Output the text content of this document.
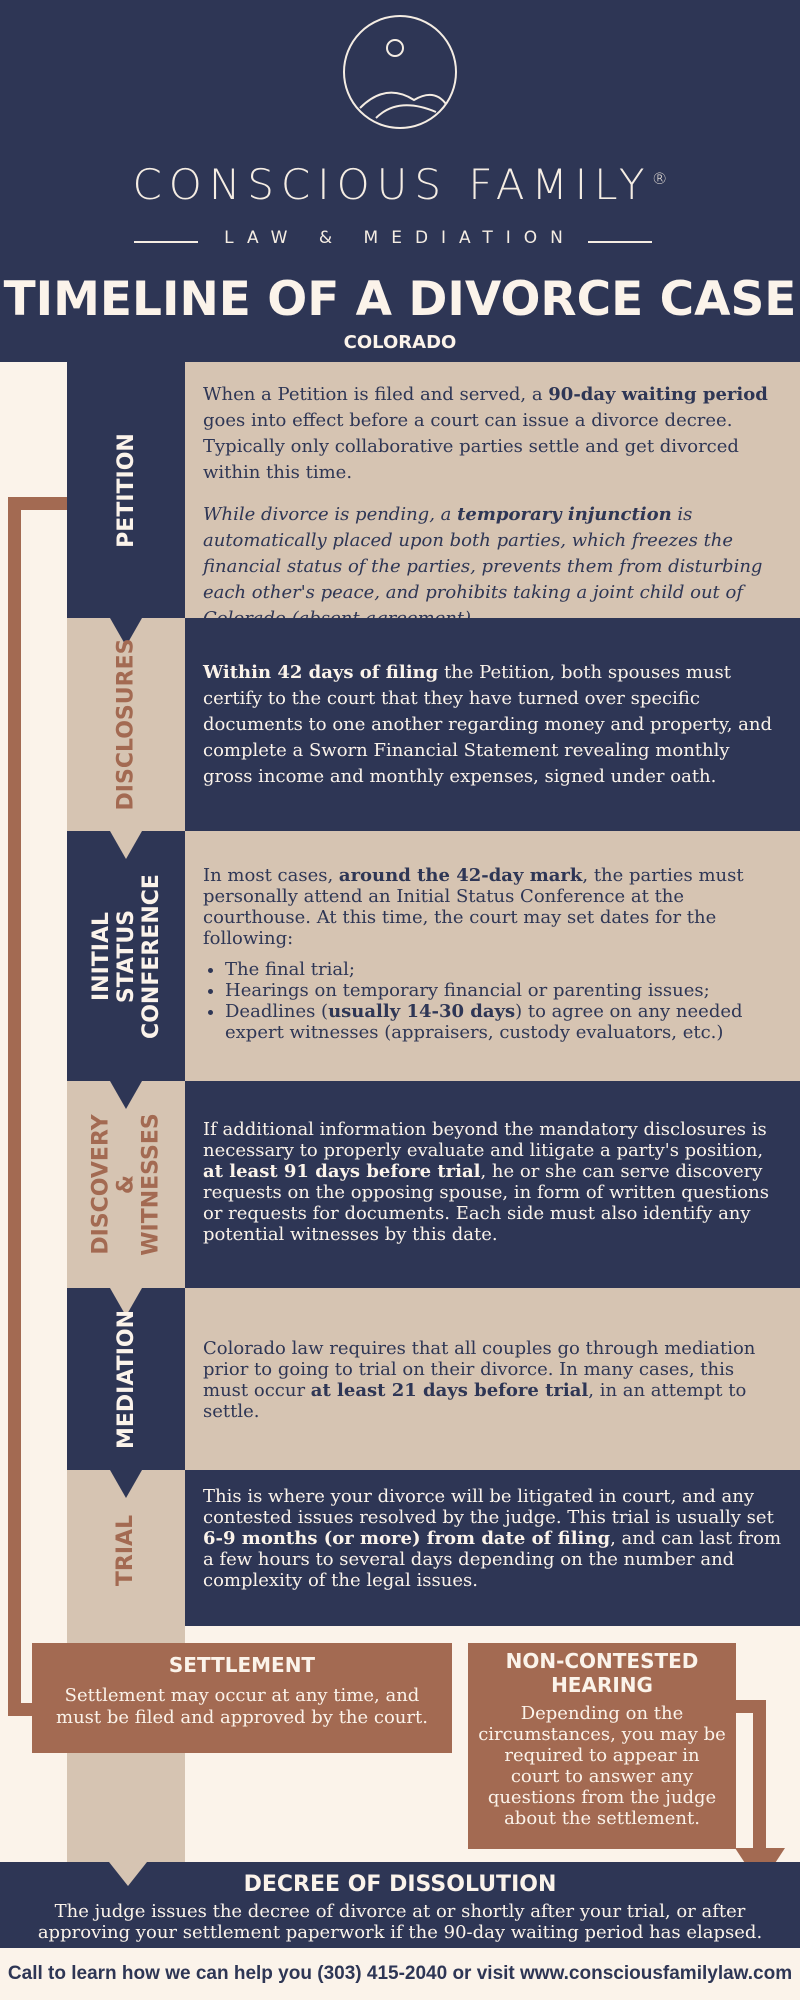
CONSCIOUS FAMILY®
LAW & MEDIATION
TIMELINE OF A DIVORCE CASE
COLORADO
PETITION

When a Petition is filed and served, a 90-day waiting period goes into effect before a court can issue a divorce decree. Typically only collaborative parties settle and get divorced within this time.

While divorce is pending, a temporary injunction is automatically placed upon both parties, which freezes the financial status of the parties, prevents them from disturbing each other's peace, and prohibits taking a joint child out of

DISCLOSURES	Within 42 days of filing the Petition, both spouses must certify to the court that they have turned over specific documents to one another regarding money and property, and complete a Sworn Financial Statement revealing monthly gross income and monthly expenses, signed under oath.

INITIAL
STATUS
CONFERENCE In most cases, around the 42-day mark, the parties must personally attend an Initial Status Conference at the courthouse. At this time, the court may set dates for the following:

• The final trial;
• Hearings on temporary financial or parenting issues;
• Deadlines (usually 14-30 days) to agree on any needed expert witnesses (appraisers, custody evaluators, etc.)
DISCOVERY
&
WITNESSES If additional information beyond the mandatory disclosures is necessary to properly evaluate and litigate a party's position, at least 91 days before trial, he or she can serve discovery requests on the opposing spouse, in form of written questions or requests for documents. Each side must also identify any potential witnesses by this date.

MEDIATION	Colorado law requires that all couples go through mediation prior to going to trial on their divorce. In many cases, this must occur at least 21 days before trial, in an attempt to settle.

TRIAL

This is where your divorce will be litigated in court, and any contested issues resolved by the judge. This trial is usually set 6-9 months (or more) from date of filing, and can last from a few hours to several days depending on the number and complexity of the legal issues.

SETTLEMENT

Settlement may occur at any time, and must be filed and approved by the court.

NON-CONTESTED HEARING

Depending on the circumstances, you may be required to appear in court to answer any questions from the judge about the settlement.

DECREE OF DISSOLUTION

The judge issues the decree of divorce at or shortly after your trial, or after approving your settlement paperwork if the 90-day waiting period has elapsed.

Call to learn how we can help you (303) 415-2040 or visit www.consciousfamilylaw.com
